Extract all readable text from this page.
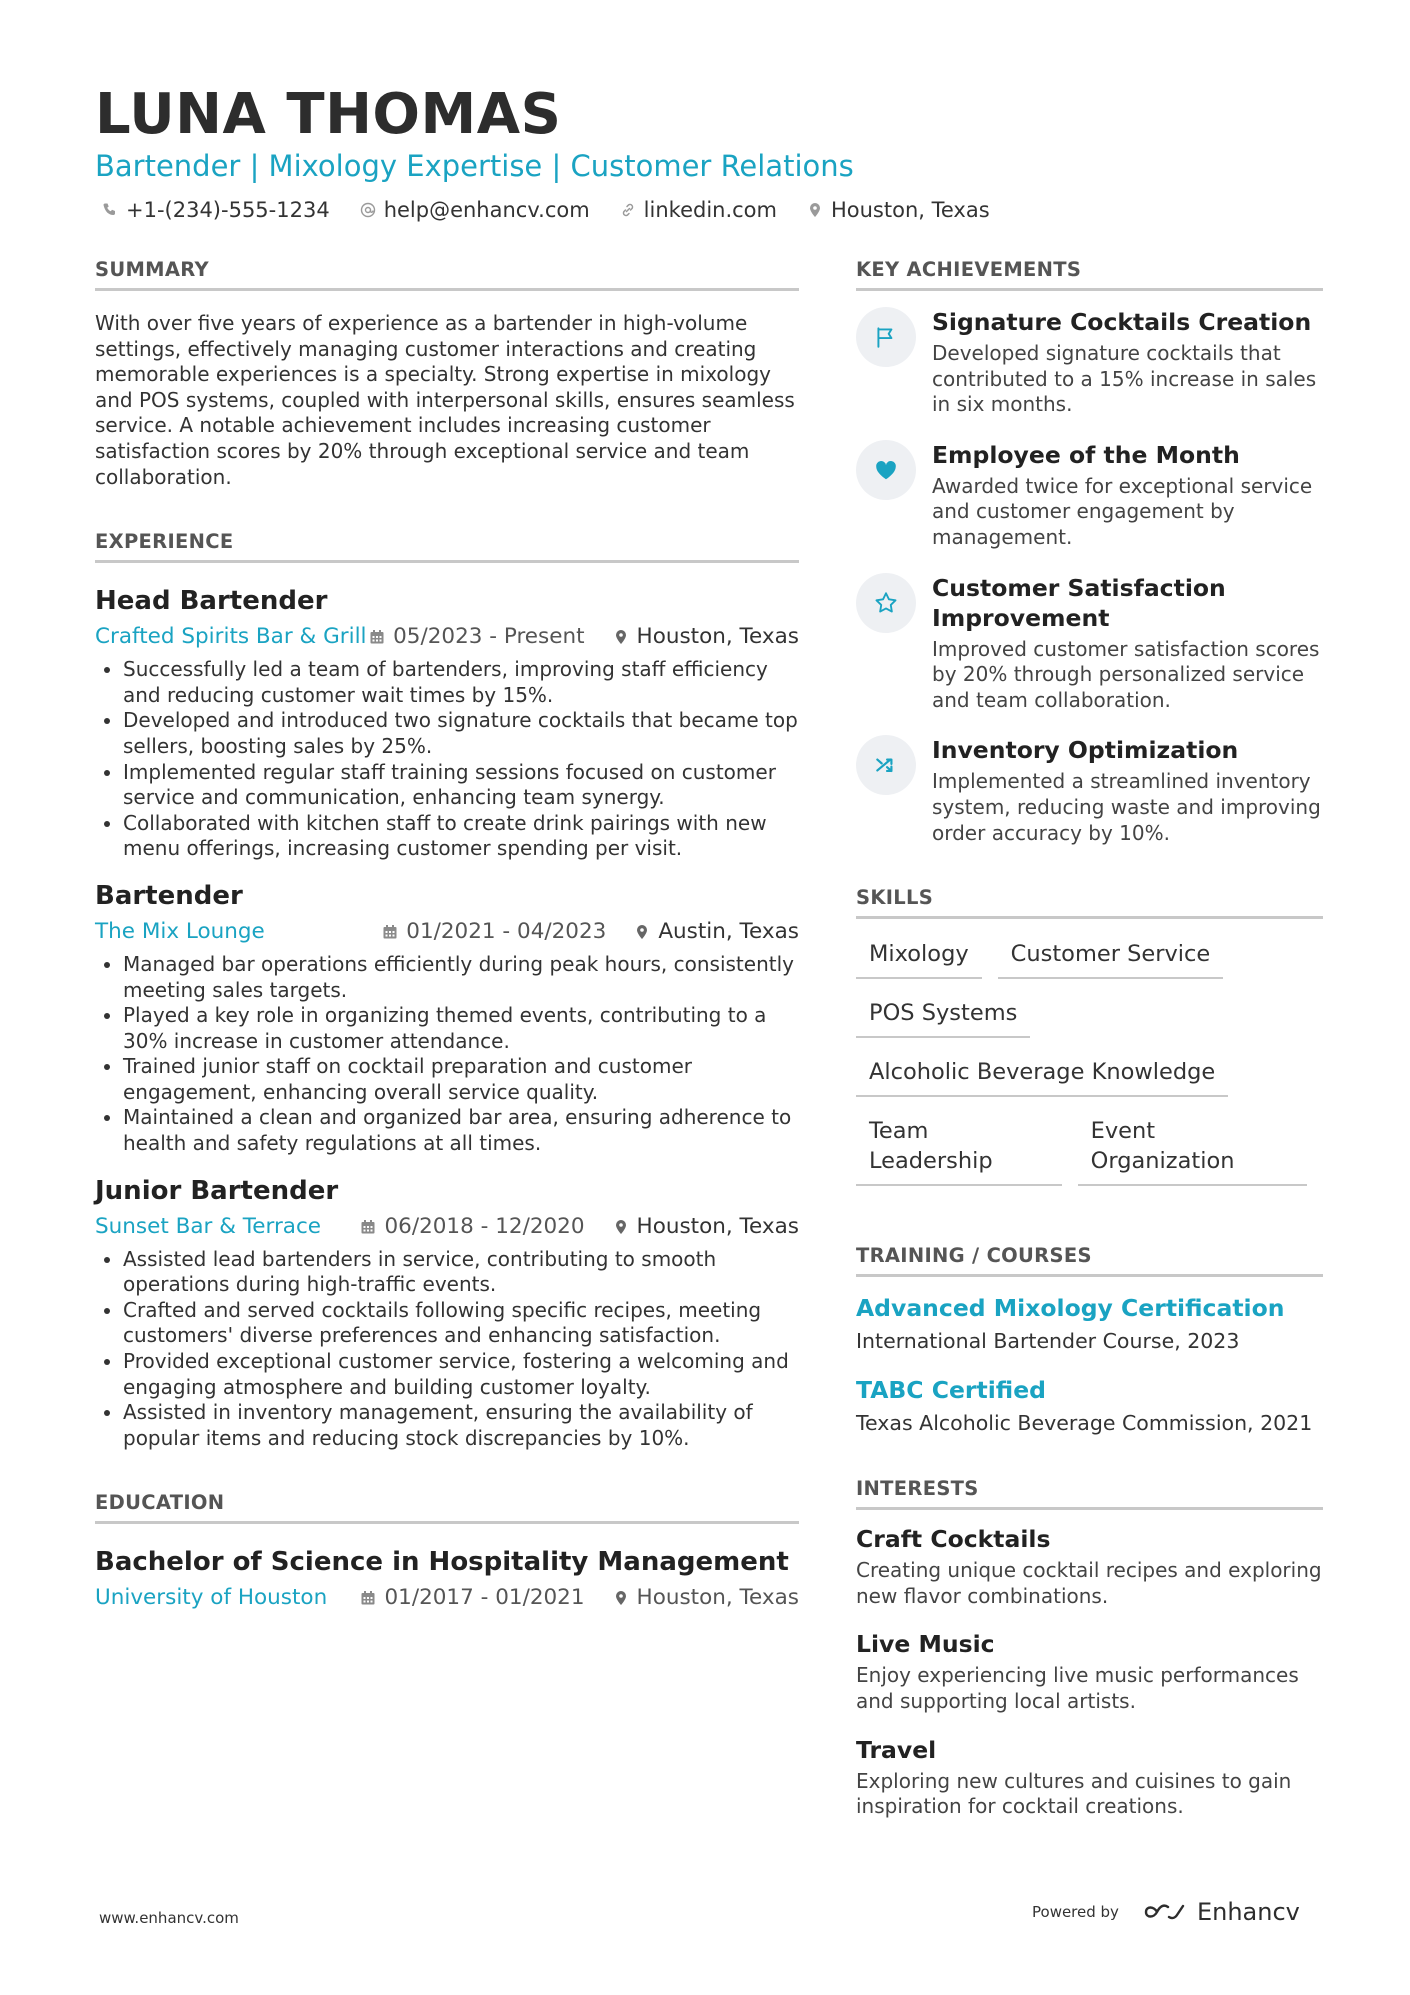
LUNA THOMAS
Bartender | Mixology Expertise | Customer Relations
+1-(234)-555-1234	help@enhancv.com	linkedin.com	Houston, Texas
SUMMARY

With over five years of experience as a bartender in high-volume settings, effectively managing customer interactions and creating memorable experiences is a specialty. Strong expertise in mixology and POS systems, coupled with interpersonal skills, ensures seamless service. A notable achievement includes increasing customer satisfaction scores by 20% through exceptional service and team collaboration.

EXPERIENCE
Head Bartender
Crafted Spirits Bar & Grill 05/2023 - Present Houston, Texas
• Successfully led a team of bartenders, improving staff efficiency and reducing customer wait times by 15%.
• Developed and introduced two signature cocktails that became top sellers, boosting sales by 25%.
• Implemented regular staff training sessions focused on customer service and communication, enhancing team synergy.
• Collaborated with kitchen staff to create drink pairings with new menu offerings, increasing customer spending per visit.
Bartender
The Mix Lounge	01/2021 - 04/2023 Austin, Texas
• Managed bar operations efficiently during peak hours, consistently meeting sales targets.
• Played a key role in organizing themed events, contributing to a 30% increase in customer attendance.
• Trained junior staff on cocktail preparation and customer engagement, enhancing overall service quality.
• Maintained a clean and organized bar area, ensuring adherence to health and safety regulations at all times.
Junior Bartender
Sunset Bar & Terrace	06/2018 - 12/2020 Houston, Texas
• Assisted lead bartenders in service, contributing to smooth operations during high-traffic events.
• Crafted and served cocktails following specific recipes, meeting customers' diverse preferences and enhancing satisfaction.
• Provided exceptional customer service, fostering a welcoming and engaging atmosphere and building customer loyalty.
• Assisted in inventory management, ensuring the availability of popular items and reducing stock discrepancies by 10%.
EDUCATION
Bachelor of Science in Hospitality Management
University of Houston	01/2017 - 01/2021 Houston, Texas
KEY ACHIEVEMENTS
Signature Cocktails Creation

Developed signature cocktails that contributed to a 15% increase in sales in six months.

Employee of the Month

Awarded twice for exceptional service and customer engagement by management.

Customer Satisfaction Improvement

Improved customer satisfaction scores by 20% through personalized service and team collaboration.

Inventory Optimization

Implemented a streamlined inventory system, reducing waste and improving order accuracy by 10%.

SKILLS
Mixology	Customer Service
POS Systems
Alcoholic Beverage Knowledge
Team Leadership
Event Organization
TRAINING / COURSES
Advanced Mixology Certification

International Bartender Course, 2023

TABC Certified

Texas Alcoholic Beverage Commission, 2021

INTERESTS
Craft Cocktails

Creating unique cocktail recipes and exploring new flavor combinations.

Live Music

Enjoy experiencing live music performances and supporting local artists.

Travel

Exploring new cultures and cuisines to gain inspiration for cocktail creations.

www.enhancv.com	Powered by	Enhancv
